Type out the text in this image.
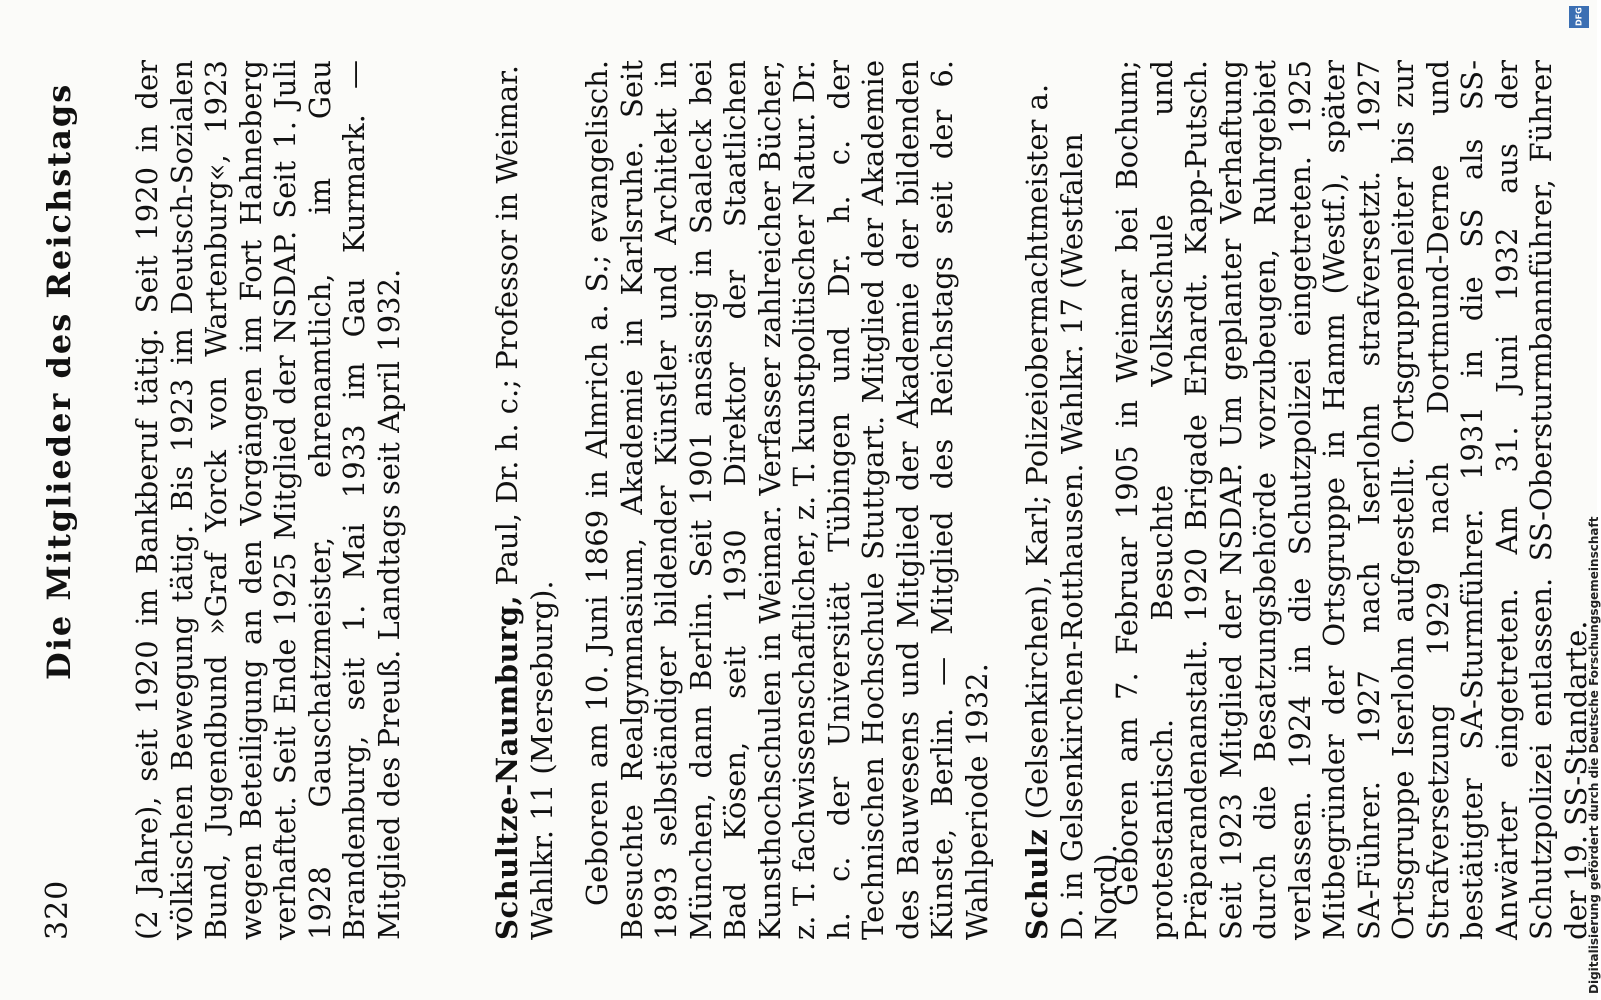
320
Die Mitglieder des Reichstags (2 Jahre), seit 1920 im Bankberuf tätig. Seit 1920 in der völkischen Bewegung tätig. Bis 1923 im Deutsch-Sozialen Bund, Jugendbund »Graf Yorck von Wartenburg«, 1923 wegen Beteiligung an den Vorgängen im Fort Hahneberg verhaftet. Seit Ende 1925 Mitglied der NSDAP. Seit 1. Juli 1928 Gauschatzmeister, ehrenamtlich, im Gau Brandenburg, seit 1. Mai 1933 im Gau Kurmark. — Mitglied des Preuß. Landtags seit April 1932.	Schultze-Naumburg, Paul, Dr. h. c.; Professor in Weimar. Wahlkr. 11 (Merseburg). Geboren am 10. Juni 1869 in Almrich a. S.; evangelisch. Besuchte Realgymnasium, Akademie in Karlsruhe. Seit 1893 selbständiger bildender Künstler und Architekt in München, dann Berlin. Seit 1901 ansässig in Saaleck bei Bad Kösen, seit 1930 Direktor der Staatlichen Kunsthochschulen in Weimar. Verfasser zahlreicher Bücher, z. T. fachwissenschaftlicher, z. T. kunstpolitischer Natur. Dr. h. c. der Universität Tübingen und Dr. h. c. der Technischen Hochschule Stuttgart. Mitglied der Akademie des Bauwesens und Mitglied der Akademie der bildenden Künste, Berlin. — Mitglied des Reichstags seit der 6. Wahlperiode 1932. Schulz (Gelsenkirchen), Karl; Polizeiobermachtmeister a. D. in Gelsenkirchen-Rotthausen. Wahlkr. 17 (Westfalen Nord).
Geboren am 7. Februar 1905 in Weimar bei Bochum; protestantisch. Besuchte Volksschule und Präparandenanstalt. 1920 Brigade Erhardt. Kapp-Putsch. Seit 1923 Mitglied der NSDAP. Um geplanter Verhaftung durch die Besatzungsbehörde vorzubeugen, Ruhrgebiet verlassen. 1924 in die Schutzpolizei eingetreten. 1925 Mitbegründer der Ortsgruppe in Hamm (Westf.), später SA-Führer. 1927 nach Iserlohn strafversetzt. 1927 Ortsgruppe Iserlohn aufgestellt. Ortsgruppenleiter bis zur Strafversetzung 1929 nach Dortmund-Derne und bestätigter SA-Sturmführer. 1931 in die SS als SS-Anwärter eingetreten. Am 31. Juni 1932 aus der Schutzpolizei entlassen. SS-Obersturmbannführer, Führer der 19. SS-Standarte.
DFG
Digitalisierung gefördert durch die Deutsche Forschungsgemeinschaft
